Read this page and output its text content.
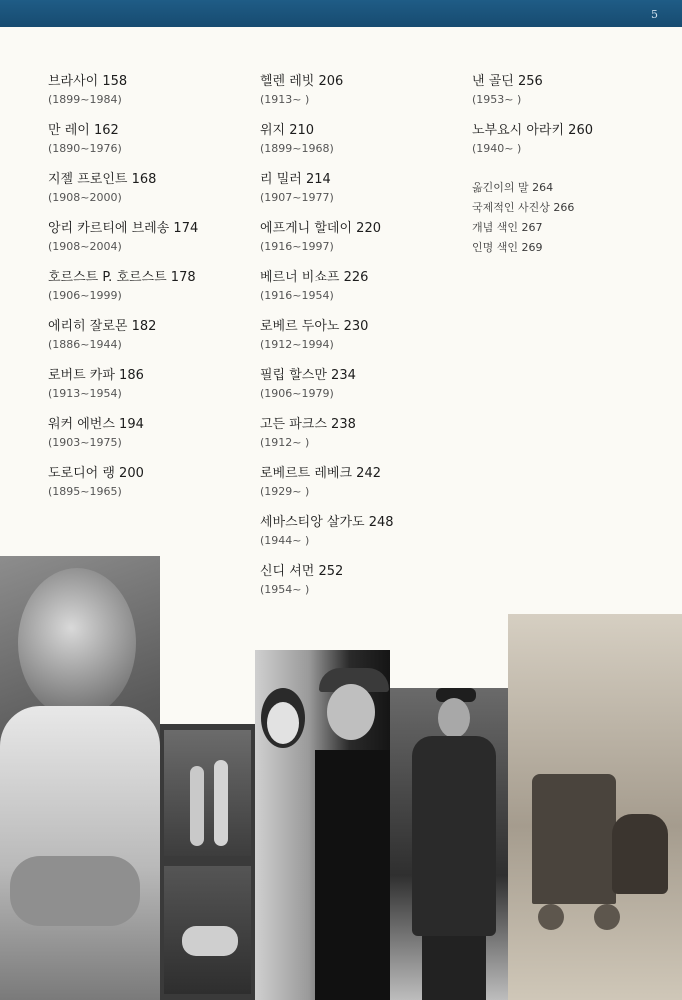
5
브라사이 158
(1899~1984)
만 레이 162
(1890~1976)
지젤 프로인트 168
(1908~2000)
앙리 카르티에 브레송 174
(1908~2004)
호르스트 P. 호르스트 178
(1906~1999)
에리히 잘로몬 182
(1886~1944)
로버트 카파 186
(1913~1954)
워커 에번스 194
(1903~1975)
도로디어 랭 200
(1895~1965)
헬렌 레빗 206
(1913~ )
위지 210
(1899~1968)
리 밀러 214
(1907~1977)
에프게니 할데이 220
(1916~1997)
베르너 비쇼프 226
(1916~1954)
로베르 두아노 230
(1912~1994)
필립 할스만 234
(1906~1979)
고든 파크스 238
(1912~ )
로베르트 레베크 242
(1929~ )
세바스티앙 살가도 248
(1944~ )
신디 셔먼 252
(1954~ )
낸 골딘 256
(1953~ )
노부요시 아라키 260
(1940~ )
옮긴이의 말 264
국제적인 사진상 266
개념 색인 267
인명 색인 269
